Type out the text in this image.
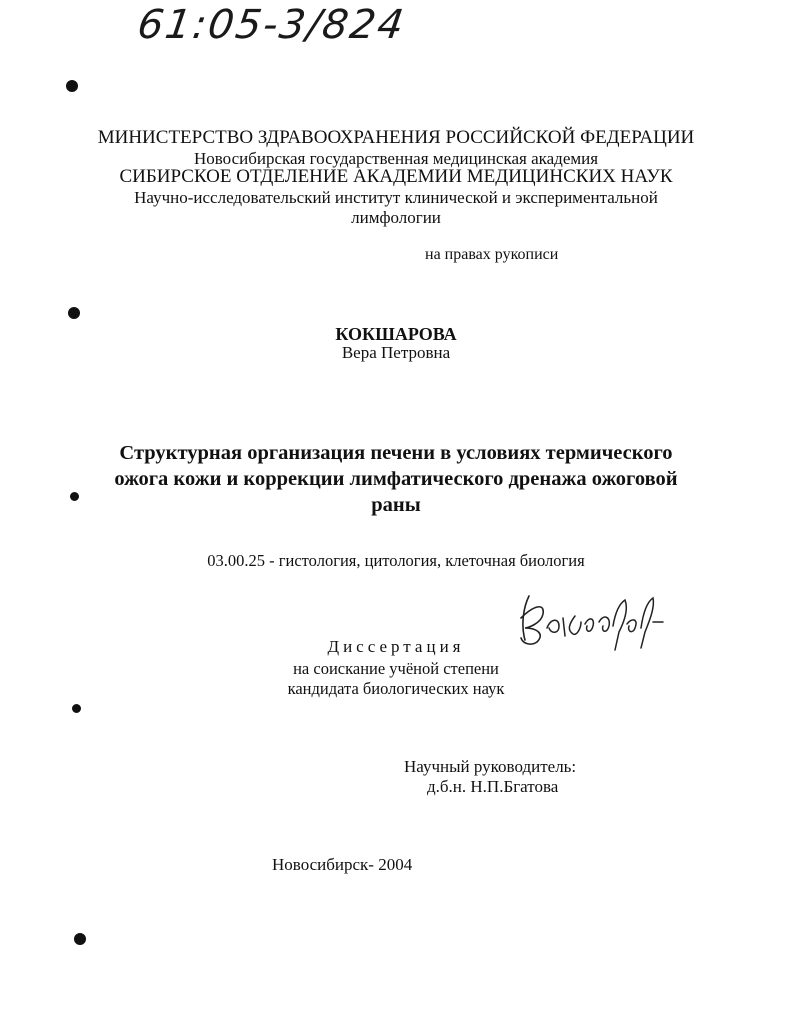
61:05-3/824
МИНИСТЕРСТВО ЗДРАВООХРАНЕНИЯ РОССИЙСКОЙ ФЕДЕРАЦИИ
Новосибирская государственная медицинская академия
СИБИРСКОЕ ОТДЕЛЕНИЕ АКАДЕМИИ МЕДИЦИНСКИХ НАУК
Научно-исследовательский институт клинической и экспериментальной
лимфологии
на правах рукописи
КОКШАРОВА
Вера Петровна
Структурная организация печени в условиях термического
ожога кожи и коррекции лимфатического дренажа ожоговой
раны
03.00.25 - гистология, цитология, клеточная биология
Диссертация
на соискание учёной степени
кандидата биологических наук
Научный руководитель:
д.б.н. Н.П.Бгатова
Новосибирск- 2004
